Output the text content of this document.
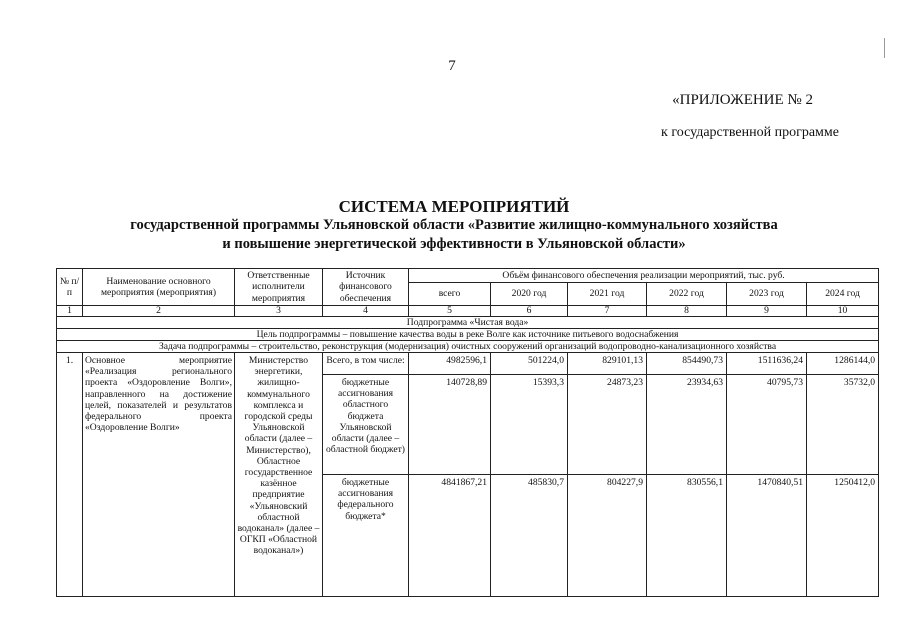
7
«ПРИЛОЖЕНИЕ № 2
к государственной программе
СИСТЕМА МЕРОПРИЯТИЙ
государственной программы Ульяновской области «Развитие жилищно-коммунального хозяйства
и повышение энергетической эффективности в Ульяновской области»
№ п/п	Наименование основного мероприятия (мероприятия)	Ответственные исполнители мероприятия	Источник финансового обеспечения	Объём финансового обеспечения реализации мероприятий, тыс. руб.					
				всего	2020 год	2021 год	2022 год	2023 год	2024 год
1	2	3	4	5	6	7	8	9	10
Подпрограмма «Чистая вода»									
Цель подпрограммы – повышение качества воды в реке Волге как источнике питьевого водоснабжения									
Задача подпрограммы – строительство, реконструкция (модернизация) очистных сооружений организаций водопроводно-канализационного хозяйства									
1.	Основное мероприятие «Реализация регионального проекта «Оздоровление Волги», направленного на достижение целей, показателей и результатов федерального проекта «Оздоровление Волги»	Министерство энергетики, жилищно-коммунального комплекса и городской среды Ульяновской области (далее – Министерство), Областное государственное казённое предприятие «Ульяновский областной водоканал» (далее – ОГКП «Областной водоканал»)	Всего, в том числе:	4982596,1	501224,0	829101,13	854490,73	1511636,24	1286144,0
			бюджетные ассигнования областного бюджета Ульяновской области (далее – областной бюджет)	140728,89	15393,3	24873,23	23934,63	40795,73	35732,0
			бюджетные ассигнования федерального бюджета*	4841867,21	485830,7	804227,9	830556,1	1470840,51	1250412,0
